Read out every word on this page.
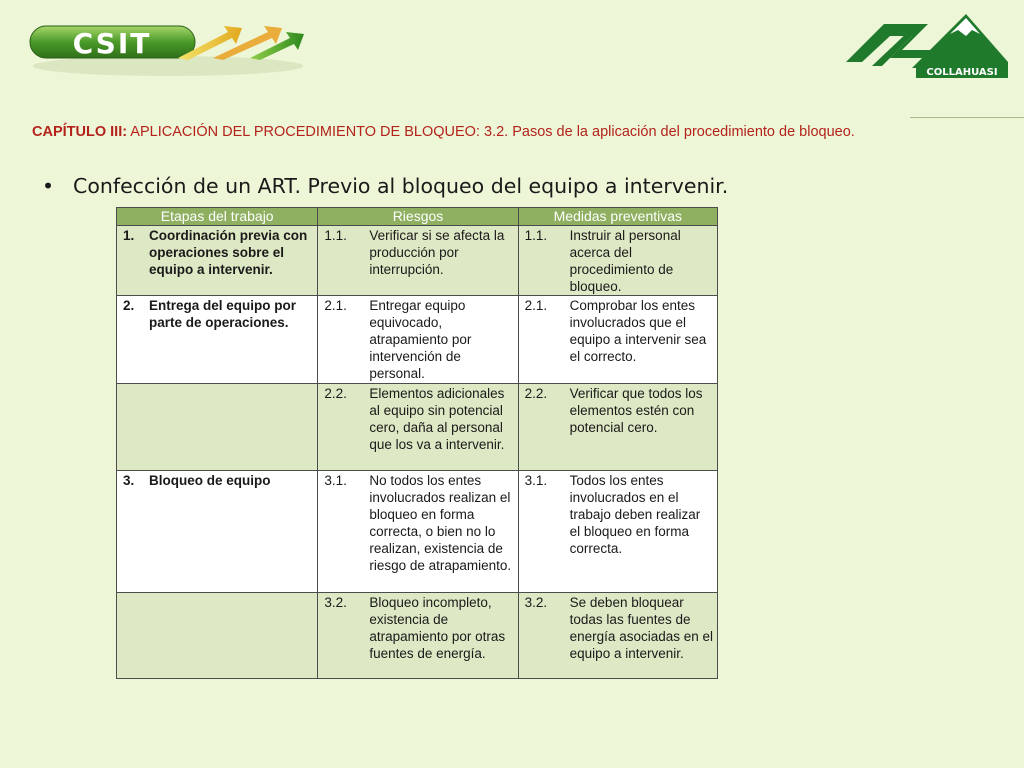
CSIT
COLLAHUASI
CAPÍTULO III: APLICACIÓN DEL PROCEDIMIENTO DE BLOQUEO: 3.2. Pasos de la aplicación del procedimiento de bloqueo.
• Confección de un ART. Previo al bloqueo del equipo a intervenir.
Etapas del trabajo	Riesgos	Medidas preventivas

1. Coordinación previa con operaciones sobre el equipo a intervenir.	1.1. Verificar si se afecta la producción por interrupción.	1.1. Instruir al personal acerca del procedimiento de bloqueo.

2. Entrega del equipo por parte de operaciones.	2.1. Entregar equipo equivocado, atrapamiento por intervención de personal.	2.1. Comprobar los entes involucrados que el equipo a intervenir sea el correcto.

	2.2. Elementos adicionales al equipo sin potencial cero, daña al personal que los va a intervenir.	2.2. Verificar que todos los elementos estén con potencial cero.

3. Bloqueo de equipo	3.1. No todos los entes involucrados realizan el bloqueo en forma correcta, o bien no lo realizan, existencia de riesgo de atrapamiento.	3.1. Todos los entes involucrados en el trabajo deben realizar el bloqueo en forma correcta.

	3.2. Bloqueo incompleto, existencia de atrapamiento por otras fuentes de energía.	3.2. Se deben bloquear todas las fuentes de energía asociadas en el equipo a intervenir.
